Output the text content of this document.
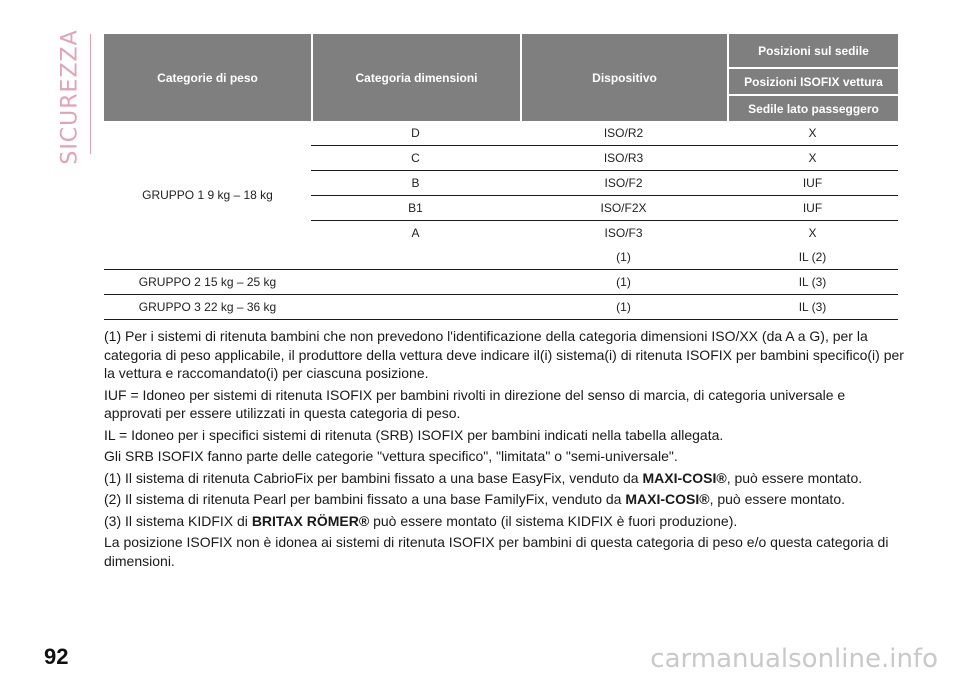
SICUREZZA	Categorie di peso	Categoria dimensioni	Dispositivo	Posizioni sul sedile
			Posizioni ISOFIX vettura
			Sedile lato passeggero
GRUPPO 1 9 kg – 18 kg	D	ISO/R2	X
	C	ISO/R3	X
	B	ISO/F2	IUF
	B1	ISO/F2X	IUF
	A	ISO/F3	X
		(1)	IL (2)
GRUPPO 2 15 kg – 25 kg		(1)	IL (3)
GRUPPO 3 22 kg – 36 kg		(1)	IL (3)

(1) Per i sistemi di ritenuta bambini che non prevedono l'identificazione della categoria dimensioni ISO/XX (da A a G), per la categoria di peso applicabile, il produttore della vettura deve indicare il(i) sistema(i) di ritenuta ISOFIX per bambini specifico(i) per la vettura e raccomandato(i) per ciascuna posizione.

IUF = Idoneo per sistemi di ritenuta ISOFIX per bambini rivolti in direzione del senso di marcia, di categoria universale e approvati per essere utilizzati in questa categoria di peso.

IL = Idoneo per i specifici sistemi di ritenuta (SRB) ISOFIX per bambini indicati nella tabella allegata.

Gli SRB ISOFIX fanno parte delle categorie "vettura specifico", "limitata" o "semi-universale".

(1) Il sistema di ritenuta CabrioFix per bambini fissato a una base EasyFix, venduto da MAXI-COSI®, può essere montato.

(2) Il sistema di ritenuta Pearl per bambini fissato a una base FamilyFix, venduto da MAXI-COSI®, può essere montato.

(3) Il sistema KIDFIX di BRITAX RÖMER® può essere montato (il sistema KIDFIX è fuori produzione).

La posizione ISOFIX non è idonea ai sistemi di ritenuta ISOFIX per bambini di questa categoria di peso e/o questa categoria di dimensioni.

92	carmanualsonline.info
